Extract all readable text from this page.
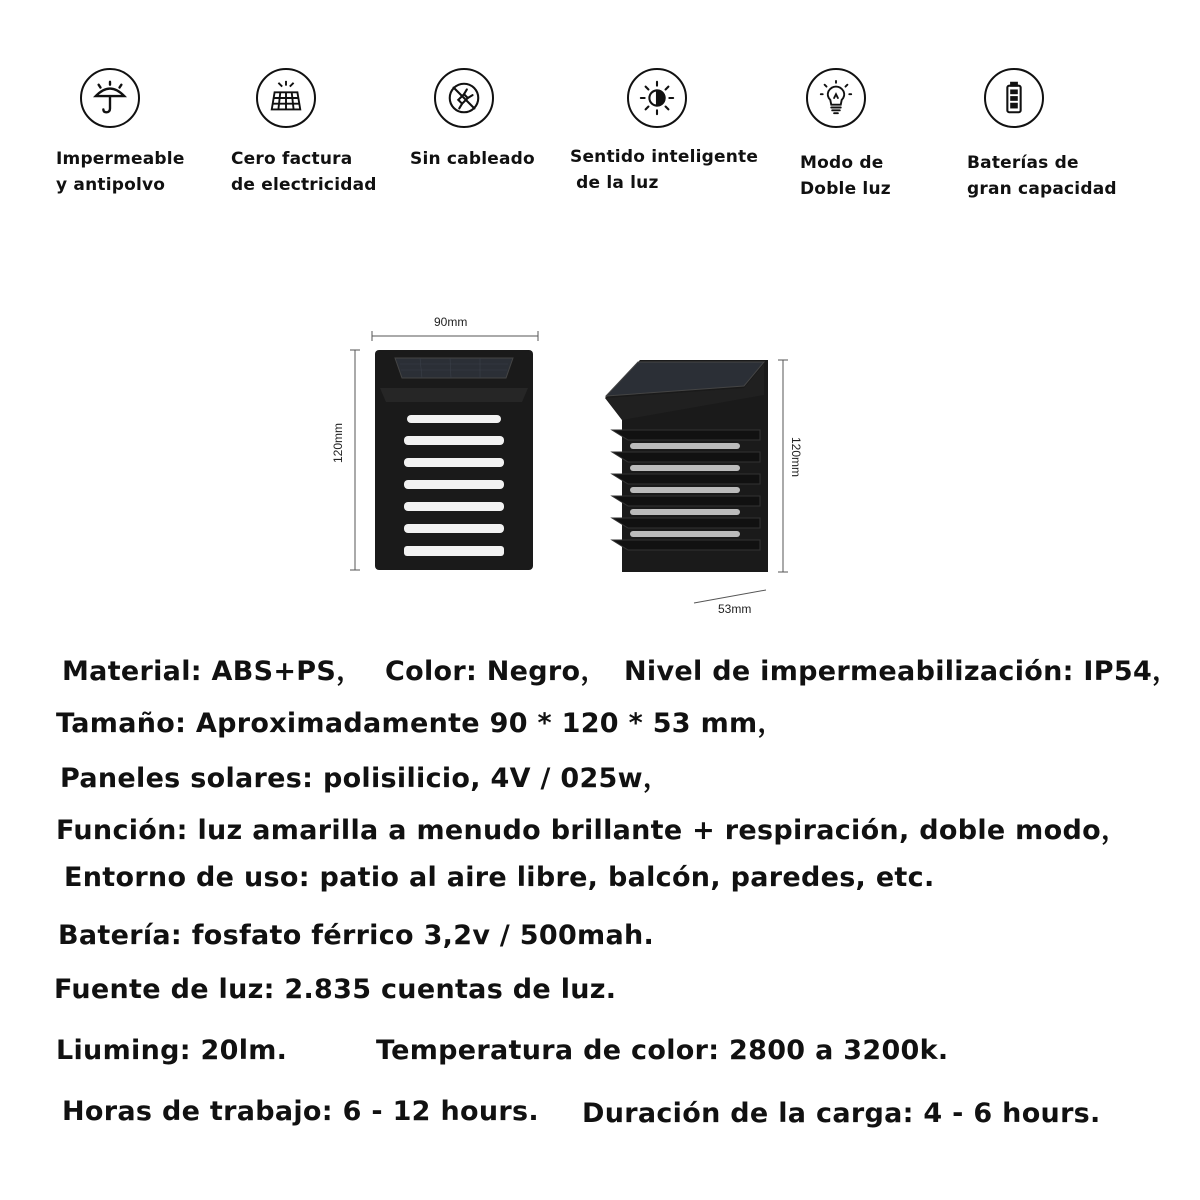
Impermeable
y antipolvo
Cero factura
de electricidad
Sin cableado Sentido inteligente
de la luz
Modo de
Doble luz
Baterías de
gran capacidad
90mm
120mm	120mm
53mm
Material: ABS+PS， Color: Negro， Nivel de impermeabilización: IP54，
Tamaño: Aproximadamente 90 * 120 * 53 mm，
Paneles solares: polisilicio, 4V / 025w，
Función: luz amarilla a menudo brillante + respiración, doble modo，
Entorno de uso: patio al aire libre, balcón, paredes, etc.
Batería: fosfato férrico 3,2v / 500mah.
Fuente de luz: 2.835 cuentas de luz.
Liuming: 20lm.	Temperatura de color: 2800 a 3200k.
Horas de trabajo: 6 - 12 hours. Duración de la carga: 4 - 6 hours.
